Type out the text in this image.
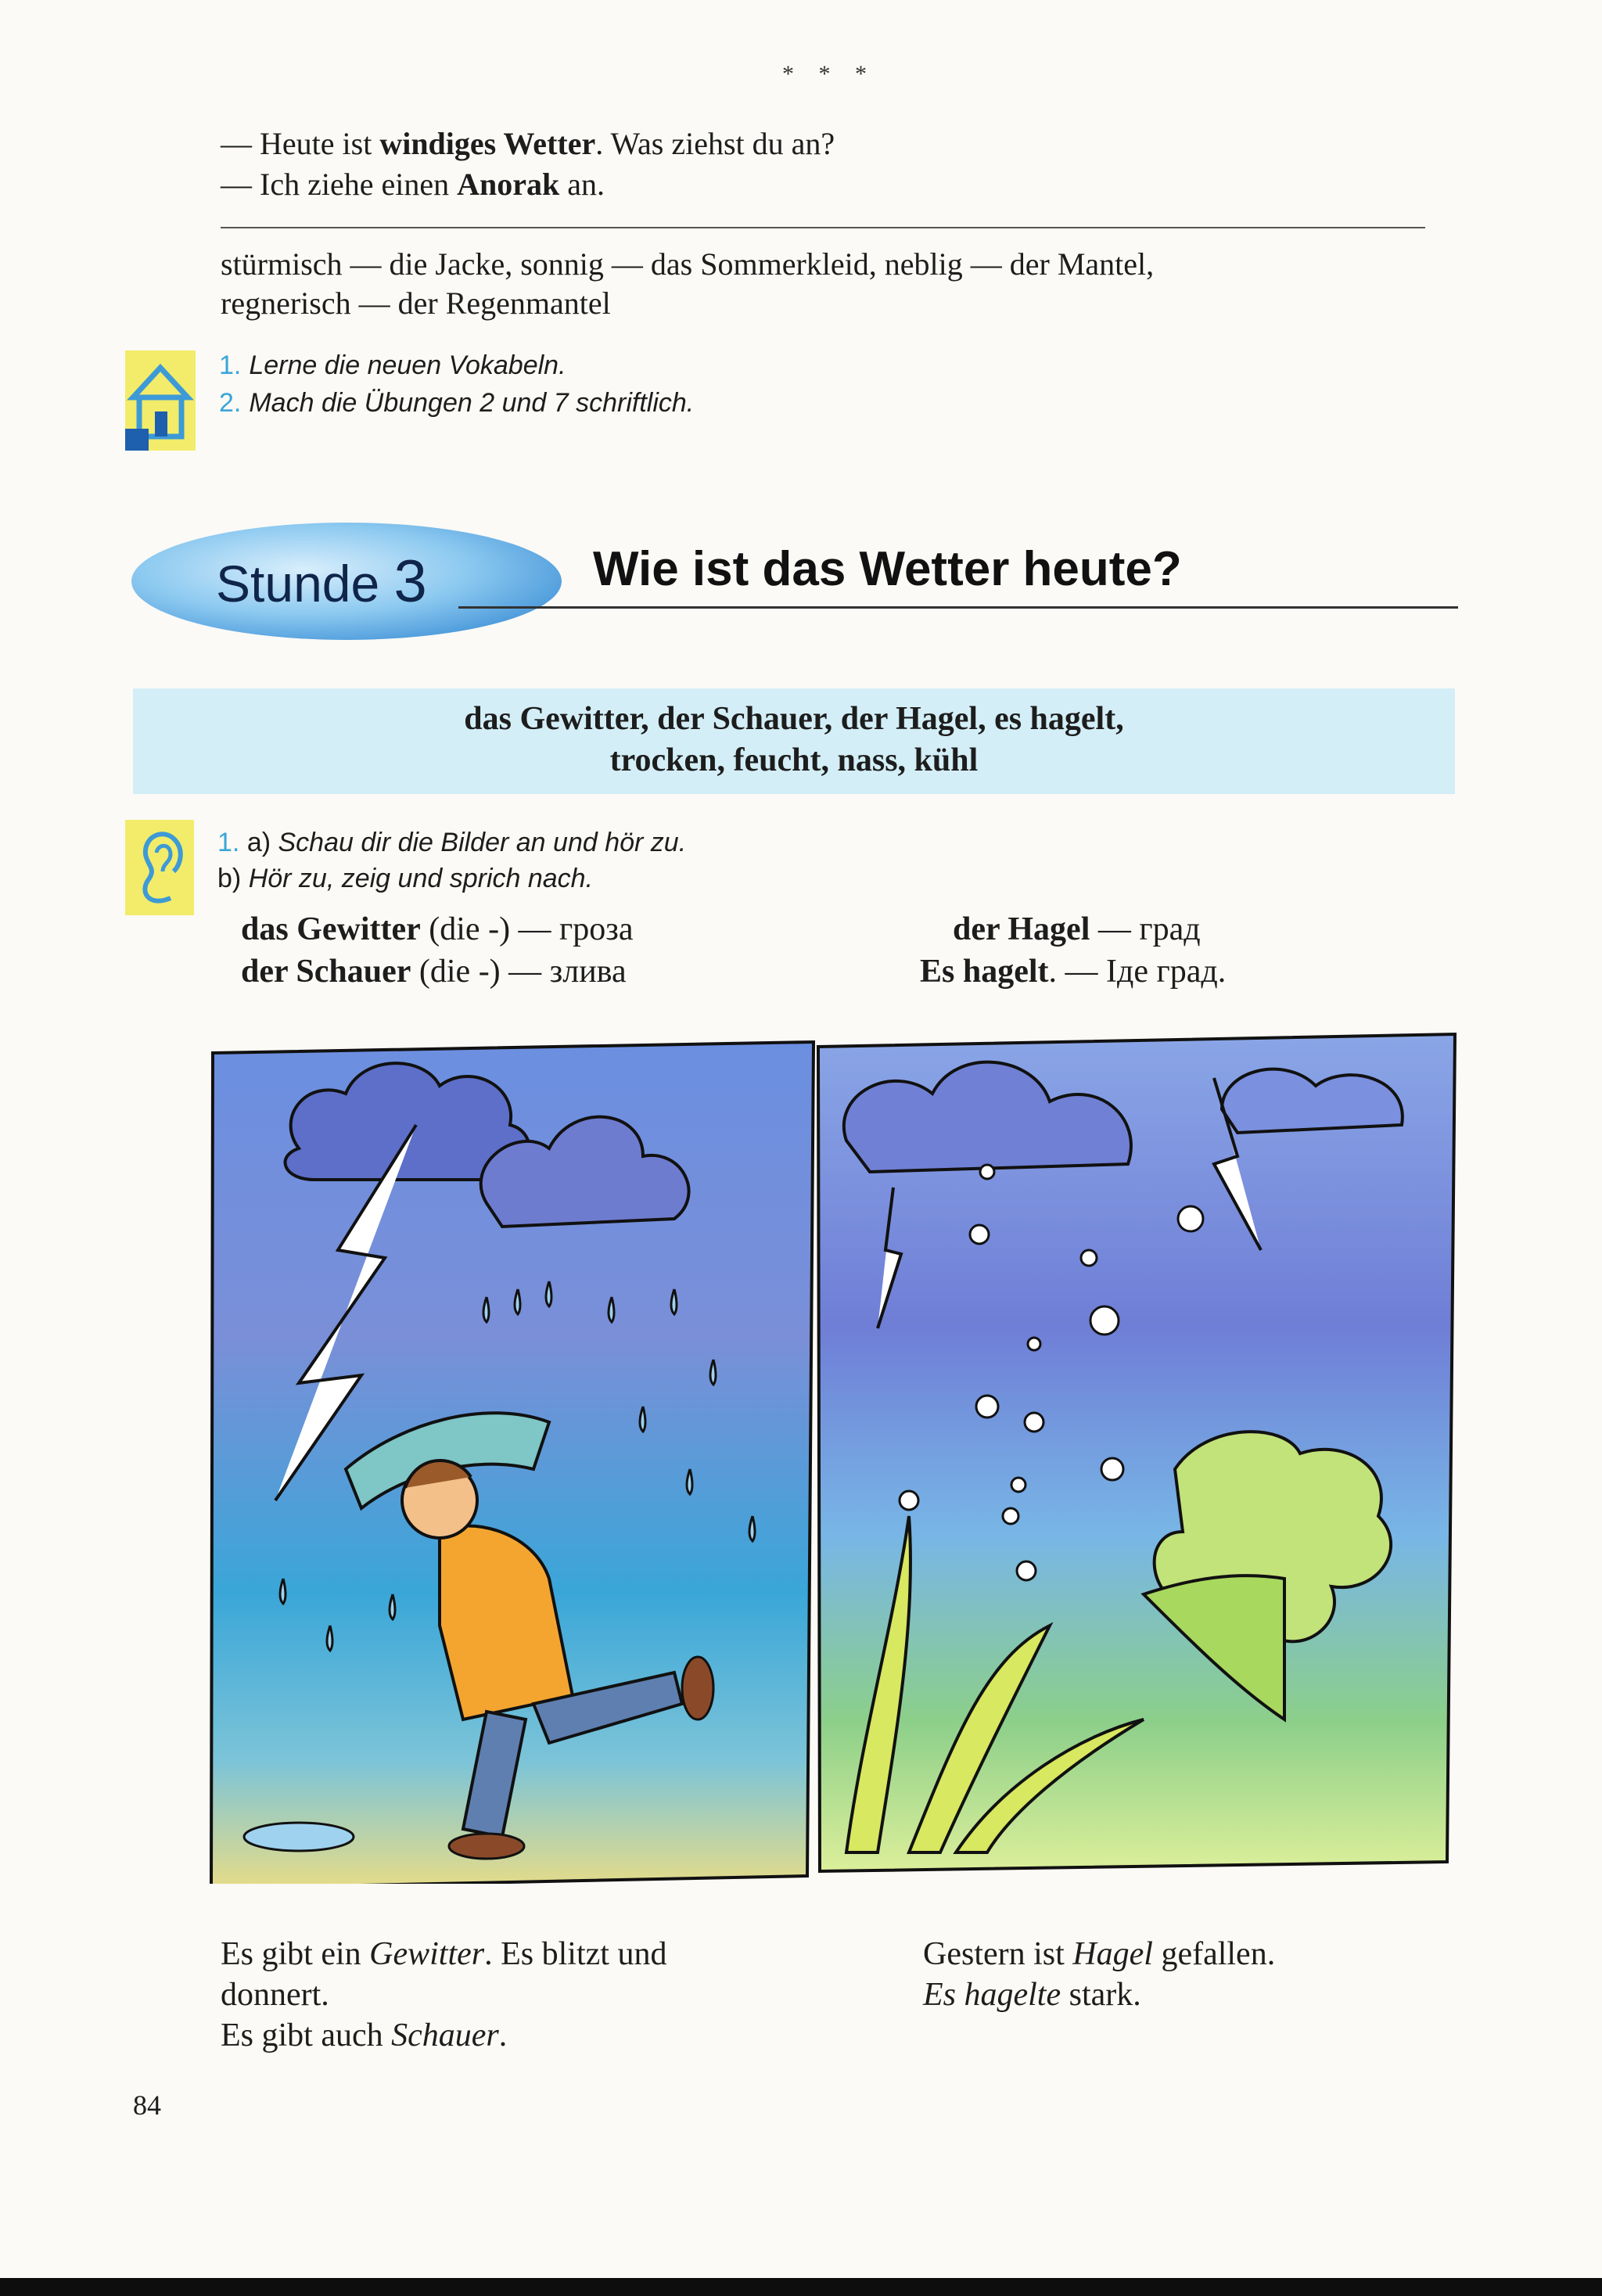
* * *
— Heute ist windiges Wetter. Was ziehst du an?
— Ich ziehe einen Anorak an.
stürmisch — die Jacke, sonnig — das Sommerkleid, neblig — der Mantel,
regnerisch — der Regenmantel
1. Lerne die neuen Vokabeln.
2. Mach die Übungen 2 und 7 schriftlich.
Stunde 3	Wie ist das Wetter heute?
das Gewitter, der Schauer, der Hagel, es hagelt,
trocken, feucht, nass, kühl
1. a) Schau dir die Bilder an und hör zu.
b) Hör zu, zeig und sprich nach.
das Gewitter (die -) — гроза
der Schauer (die -) — злива
der Hagel — град
Es hagelt. — Іде град.
Es gibt ein Gewitter. Es blitzt und
donnert.
Es gibt auch Schauer.
Gestern ist Hagel gefallen.
Es hagelte stark.
84
